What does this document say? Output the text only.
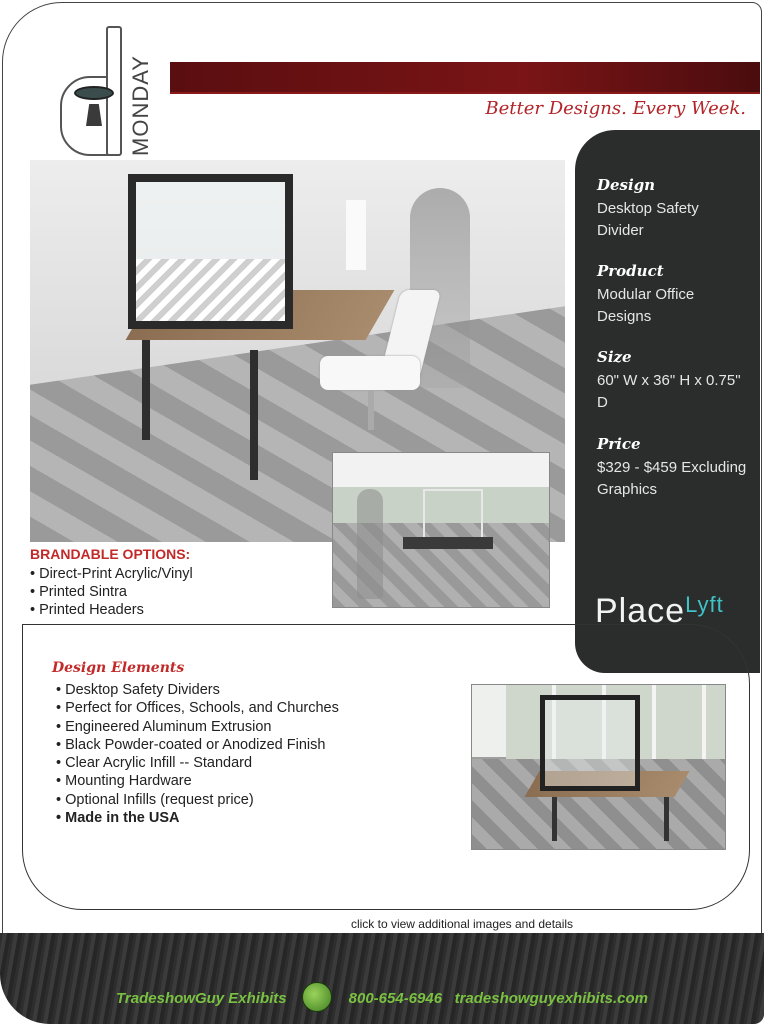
MONDAY	Better Designs. Every Week.
Design
Desktop Safety Divider
Product
Modular Office Designs
Size
60" W x 36" H x 0.75" D
Price
$329 - $459 Excluding Graphics
Place$^{Lyft}$
BRANDABLE OPTIONS:
• Direct-Print Acrylic/Vinyl
• Printed Sintra
• Printed Headers
Design Elements
• Desktop Safety Dividers
• Perfect for Offices, Schools, and Churches
• Engineered Aluminum Extrusion
• Black Powder-coated or Anodized Finish
• Clear Acrylic Infill -- Standard
• Mounting Hardware
• Optional Infills (request price)
• Made in the USA
click to view additional images and details
TradeshowGuy Exhibits	800-654-6946 tradeshowguyexhibits.com
